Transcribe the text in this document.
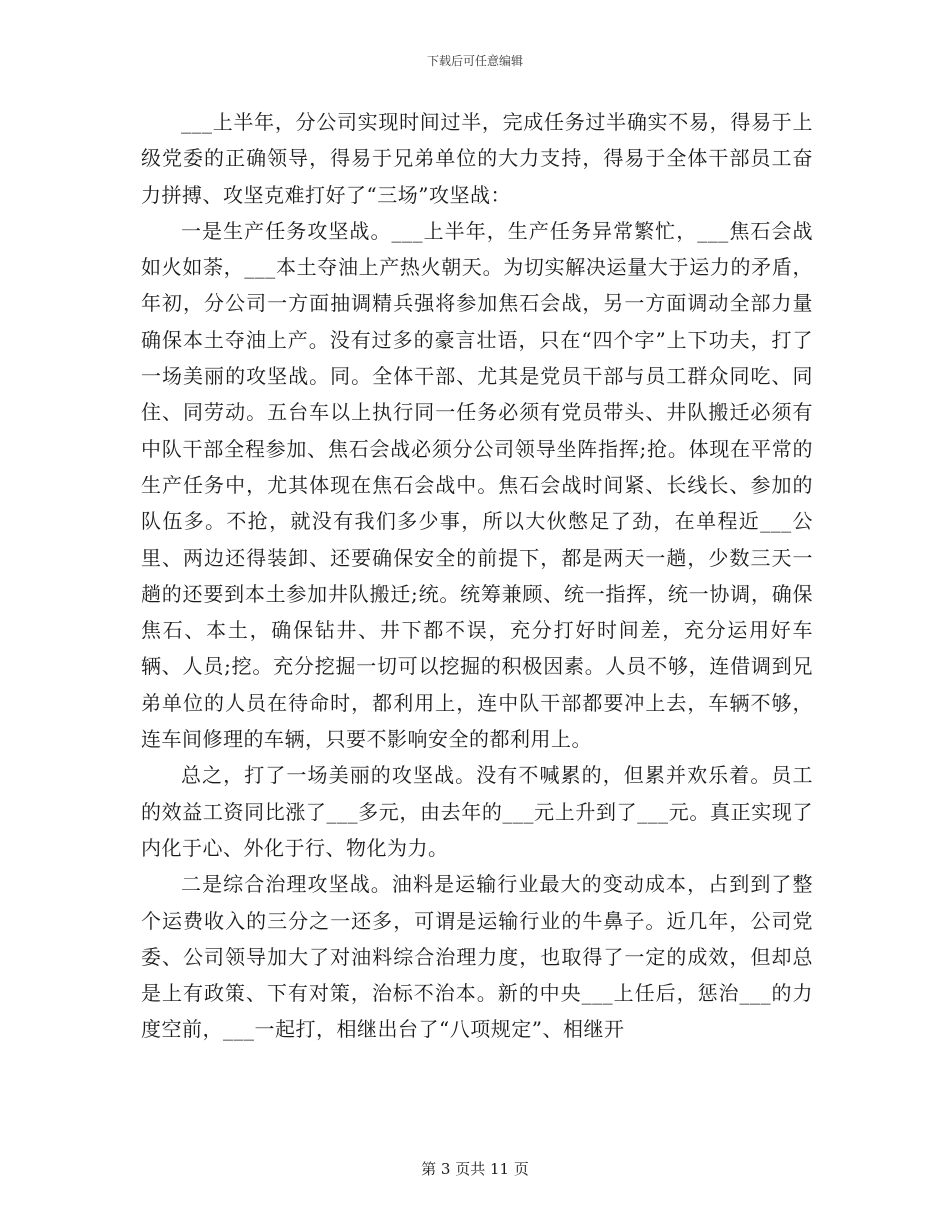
下载后可任意编辑

___上半年，分公司实现时间过半，完成任务过半确实不易，得易于上级党委的正确领导，得易于兄弟单位的大力支持，得易于全体干部员工奋力拼搏、攻坚克难打好了“三场”攻坚战：

一是生产任务攻坚战。___上半年，生产任务异常繁忙，___焦石会战如火如荼，___本土夺油上产热火朝天。为切实解决运量大于运力的矛盾，年初，分公司一方面抽调精兵强将参加焦石会战，另一方面调动全部力量确保本土夺油上产。没有过多的豪言壮语，只在“四个字”上下功夫，打了一场美丽的攻坚战。同。全体干部、尤其是党员干部与员工群众同吃、同住、同劳动。五台车以上执行同一任务必须有党员带头、井队搬迁必须有中队干部全程参加、焦石会战必须分公司领导坐阵指挥;抢。体现在平常的生产任务中，尤其体现在焦石会战中。焦石会战时间紧、长线长、参加的队伍多。不抢，就没有我们多少事，所以大伙憋足了劲，在单程近___公里、两边还得装卸、还要确保安全的前提下，都是两天一趟，少数三天一趟的还要到本土参加井队搬迁;统。统筹兼顾、统一指挥，统一协调，确保焦石、本土，确保钻井、井下都不误，充分打好时间差，充分运用好车辆、人员;挖。充分挖掘一切可以挖掘的积极因素。人员不够，连借调到兄弟单位的人员在待命时，都利用上，连中队干部都要冲上去，车辆不够，连车间修理的车辆，只要不影响安全的都利用上。

总之，打了一场美丽的攻坚战。没有不喊累的，但累并欢乐着。员工的效益工资同比涨了___多元，由去年的___元上升到了___元。真正实现了内化于心、外化于行、物化为力。

二是综合治理攻坚战。油料是运输行业最大的变动成本，占到到了整个运费收入的三分之一还多，可谓是运输行业的牛鼻子。近几年，公司党委、公司领导加大了对油料综合治理力度，也取得了一定的成效，但却总是上有政策、下有对策，治标不治本。新的中央___上任后，惩治___的力度空前，___一起打，相继出台了“八项规定”、相继开

第 3 页共 11 页
